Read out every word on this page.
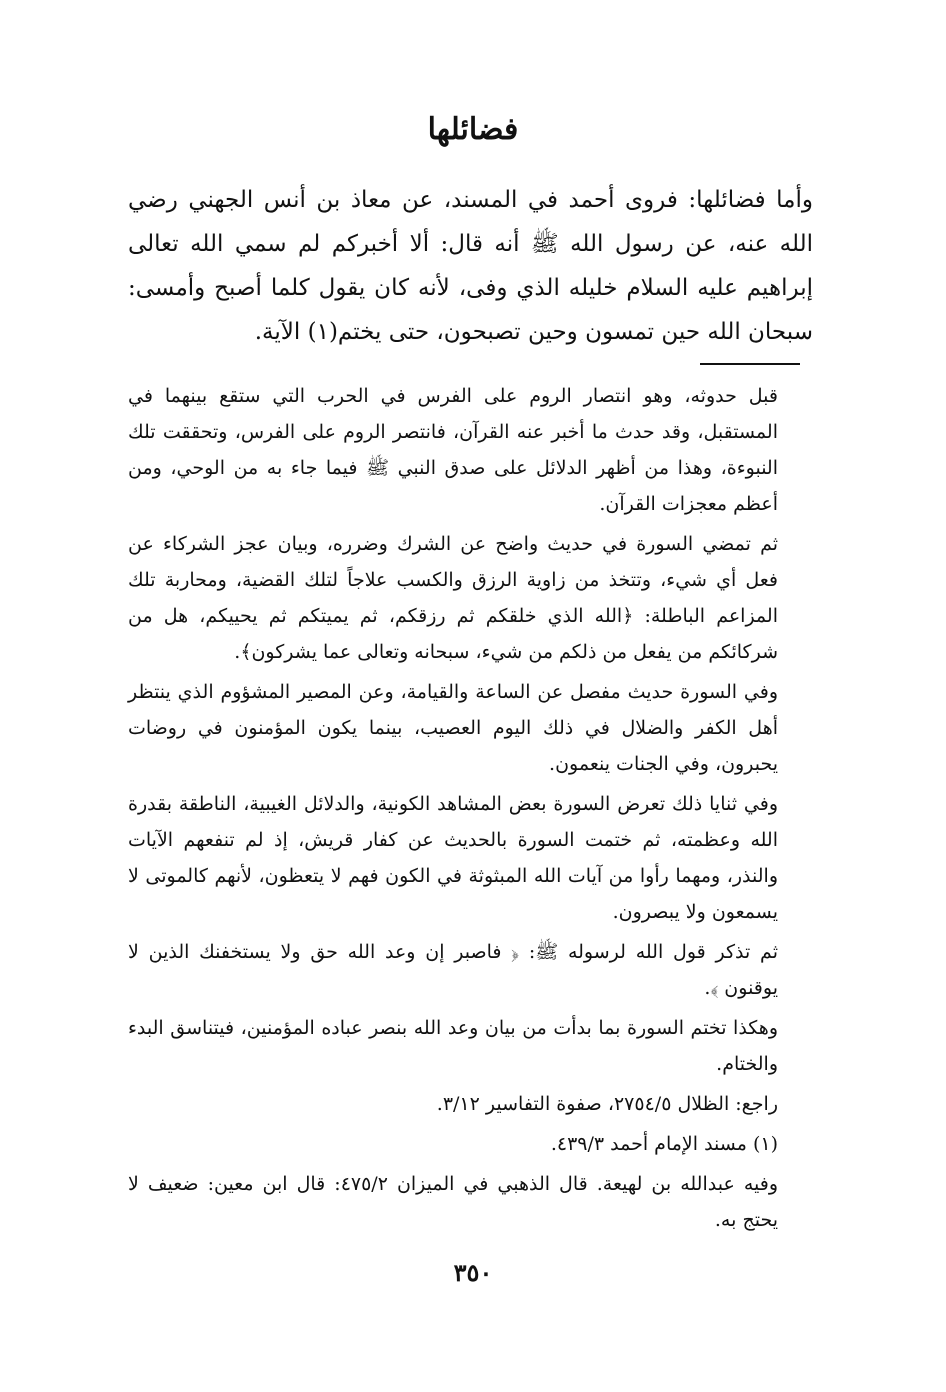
فضائلها

وأما فضائلها: فروى أحمد في المسند، عن معاذ بن أنس الجهني رضي الله عنه، عن رسول الله ﷺ أنه قال: ألا أخبركم لم سمي الله تعالى إبراهيم عليه السلام خليله الذي وفى، لأنه كان يقول كلما أصبح وأمسى: سبحان الله حين تمسون وحين تصبحون، حتى يختم(١) الآية.

قبل حدوثه، وهو انتصار الروم على الفرس في الحرب التي ستقع بينهما في المستقبل، وقد حدث ما أخبر عنه القرآن، فانتصر الروم على الفرس، وتحققت تلك النبوءة، وهذا من أظهر الدلائل على صدق النبي ﷺ فيما جاء به من الوحي، ومن أعظم معجزات القرآن.

ثم تمضي السورة في حديث واضح عن الشرك وضرره، وبيان عجز الشركاء عن فعل أي شيء، وتتخذ من زاوية الرزق والكسب علاجاً لتلك القضية، ومحاربة تلك المزاعم الباطلة: ﴿الله الذي خلقكم ثم رزقكم، ثم يميتكم ثم يحييكم، هل من شركائكم من يفعل من ذلكم من شيء، سبحانه وتعالى عما يشركون﴾.

وفي السورة حديث مفصل عن الساعة والقيامة، وعن المصير المشؤوم الذي ينتظر أهل الكفر والضلال في ذلك اليوم العصيب، بينما يكون المؤمنون في روضات يحبرون، وفي الجنات ينعمون.

وفي ثنايا ذلك تعرض السورة بعض المشاهد الكونية، والدلائل الغيبية، الناطقة بقدرة الله وعظمته، ثم ختمت السورة بالحديث عن كفار قريش، إذ لم تنفعهم الآيات والنذر، ومهما رأوا من آيات الله المبثوثة في الكون فهم لا يتعظون، لأنهم كالموتى لا يسمعون ولا يبصرون.

ثم تذكر قول الله لرسوله ﷺ: ﴿ فاصبر إن وعد الله حق ولا يستخفنك الذين لا يوقنون ﴾.

وهكذا تختم السورة بما بدأت من بيان وعد الله بنصر عباده المؤمنين، فيتناسق البدء والختام.

راجع: الظلال ٢٧٥٤/٥، صفوة التفاسير ٣/١٢.

(١) مسند الإمام أحمد ٤٣٩/٣.

وفيه عبدالله بن لهيعة. قال الذهبي في الميزان ٤٧٥/٢: قال ابن معين: ضعيف لا يحتج به.

٣٥٠
